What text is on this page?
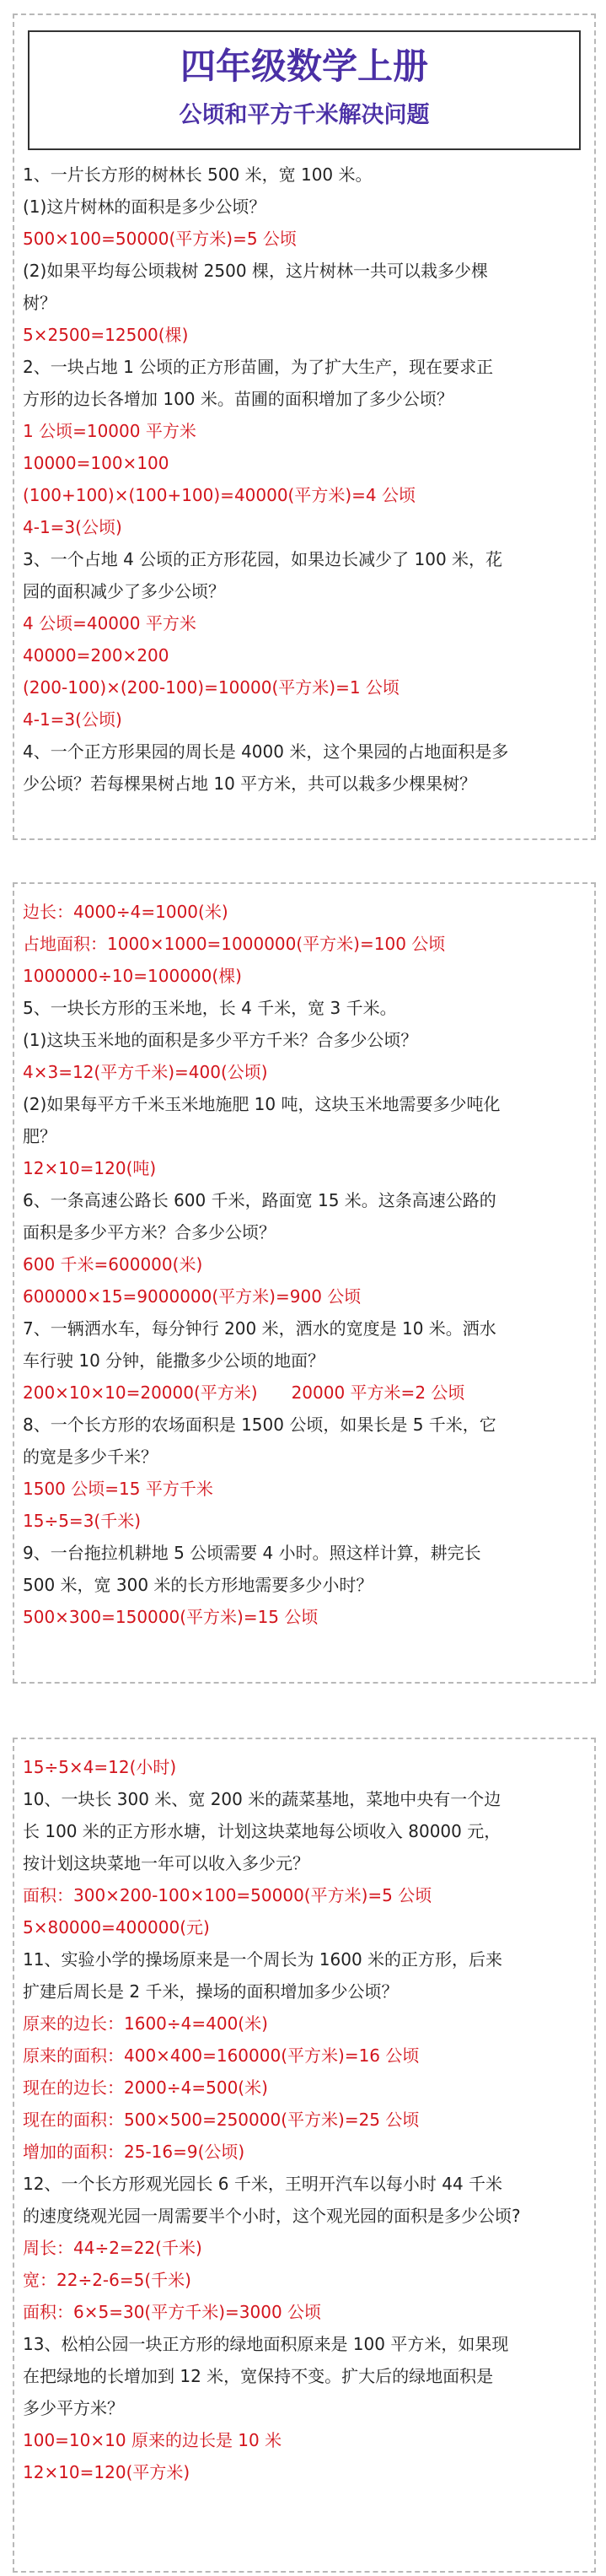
四年级数学上册
公顷和平方千米解决问题
1、一片长方形的树林长 500 米，宽 100 米。
(1)这片树林的面积是多少公顷？
500×100=50000(平方米)=5 公顷
(2)如果平均每公顷栽树 2500 棵，这片树林一共可以栽多少棵
树？
5×2500=12500(棵)
2、一块占地 1 公顷的正方形苗圃，为了扩大生产，现在要求正
方形的边长各增加 100 米。苗圃的面积增加了多少公顷？
1 公顷=10000 平方米
10000=100×100
(100+100)×(100+100)=40000(平方米)=4 公顷
4-1=3(公顷)
3、一个占地 4 公顷的正方形花园，如果边长减少了 100 米，花
园的面积减少了多少公顷？
4 公顷=40000 平方米
40000=200×200
(200-100)×(200-100)=10000(平方米)=1 公顷
4-1=3(公顷)
4、一个正方形果园的周长是 4000 米，这个果园的占地面积是多
少公顷？若每棵果树占地 10 平方米，共可以栽多少棵果树？
边长：4000÷4=1000(米)
占地面积：1000×1000=1000000(平方米)=100 公顷
1000000÷10=100000(棵)
5、一块长方形的玉米地，长 4 千米，宽 3 千米。
(1)这块玉米地的面积是多少平方千米？合多少公顷？
4×3=12(平方千米)=400(公顷)
(2)如果每平方千米玉米地施肥 10 吨，这块玉米地需要多少吨化
肥？
12×10=120(吨)
6、一条高速公路长 600 千米，路面宽 15 米。这条高速公路的
面积是多少平方米？合多少公顷？
600 千米=600000(米)
600000×15=9000000(平方米)=900 公顷
7、一辆洒水车，每分钟行 200 米，洒水的宽度是 10 米。洒水
车行驶 10 分钟，能撒多少公顷的地面？
200×10×10=20000(平方米) 20000 平方米=2 公顷
8、一个长方形的农场面积是 1500 公顷，如果长是 5 千米，它
的宽是多少千米？
1500 公顷=15 平方千米
15÷5=3(千米)
9、一台拖拉机耕地 5 公顷需要 4 小时。照这样计算，耕完长
500 米，宽 300 米的长方形地需要多少小时？
500×300=150000(平方米)=15 公顷
15÷5×4=12(小时)
10、一块长 300 米、宽 200 米的蔬菜基地，菜地中央有一个边
长 100 米的正方形水塘，计划这块菜地每公顷收入 80000 元，
按计划这块菜地一年可以收入多少元？
面积：300×200-100×100=50000(平方米)=5 公顷
5×80000=400000(元)
11、实验小学的操场原来是一个周长为 1600 米的正方形，后来
扩建后周长是 2 千米，操场的面积增加多少公顷？
原来的边长：1600÷4=400(米)
原来的面积：400×400=160000(平方米)=16 公顷
现在的边长：2000÷4=500(米)
现在的面积：500×500=250000(平方米)=25 公顷
增加的面积：25-16=9(公顷)
12、一个长方形观光园长 6 千米，王明开汽车以每小时 44 千米
的速度绕观光园一周需要半个小时，这个观光园的面积是多少公顷?
周长：44÷2=22(千米)
宽：22÷2-6=5(千米)
面积：6×5=30(平方千米)=3000 公顷
13、松柏公园一块正方形的绿地面积原来是 100 平方米，如果现
在把绿地的长增加到 12 米，宽保持不变。扩大后的绿地面积是
多少平方米？
100=10×10 原来的边长是 10 米
12×10=120(平方米)
